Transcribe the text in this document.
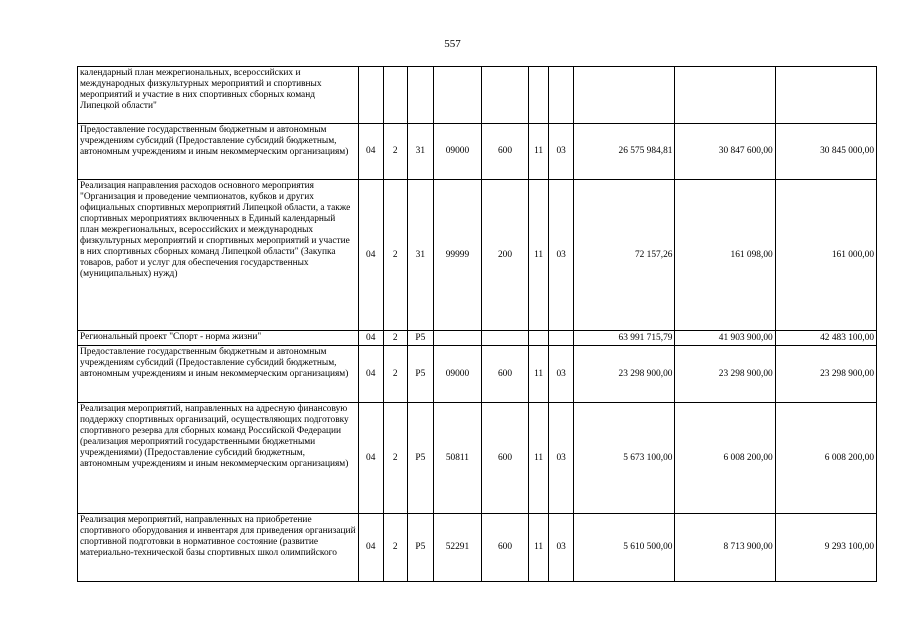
557
календарный план межрегиональных, всероссийских и международных физкультурных мероприятий и спортивных мероприятий и участие в них спортивных сборных команд Липецкой области"										
Предоставление государственным бюджетным и автономным учреждениям субсидий (Предоставление субсидий бюджетным, автономным учреждениям и иным некоммерческим организациям)	04	2	31	09000	600	11	03	26 575 984,81	30 847 600,00	30 845 000,00
Реализация направления расходов основного мероприятия "Организация и проведение чемпионатов, кубков и других официальных спортивных мероприятий Липецкой области, а также спортивных мероприятиях включенных в Единый календарный план межрегиональных, всероссийских и международных физкультурных мероприятий и спортивных мероприятий и участие в них спортивных сборных команд Липецкой области" (Закупка товаров, работ и услуг для обеспечения государственных (муниципальных) нужд)	04	2	31	99999	200	11	03	72 157,26	161 098,00	161 000,00
Региональный проект "Спорт - норма жизни"	04	2	P5					63 991 715,79	41 903 900,00	42 483 100,00
Предоставление государственным бюджетным и автономным учреждениям субсидий (Предоставление субсидий бюджетным, автономным учреждениям и иным некоммерческим организациям)	04	2	P5	09000	600	11	03	23 298 900,00	23 298 900,00	23 298 900,00
Реализация мероприятий, направленных на адресную финансовую поддержку спортивных организаций, осуществляющих подготовку спортивного резерва для сборных команд Российской Федерации (реализация мероприятий государственными бюджетными учреждениями) (Предоставление субсидий бюджетным, автономным учреждениям и иным некоммерческим организациям)	04	2	P5	50811	600	11	03	5 673 100,00	6 008 200,00	6 008 200,00
Реализация мероприятий, направленных на приобретение спортивного оборудования и инвентаря для приведения организаций спортивной подготовки в нормативное состояние (развитие материально-технической базы спортивных школ олимпийского	04	2	P5	52291	600	11	03	5 610 500,00	8 713 900,00	9 293 100,00
